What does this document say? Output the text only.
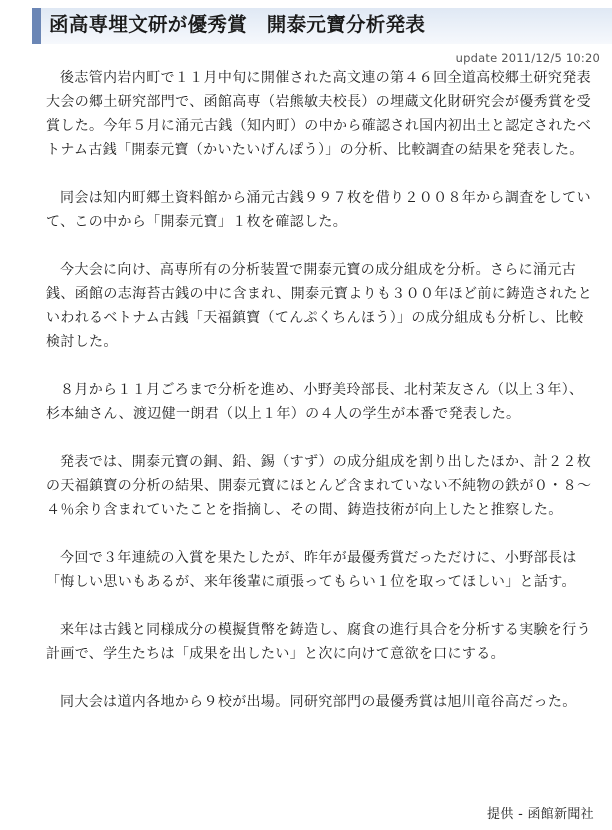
函高専埋文研が優秀賞　開泰元寶分析発表
update 2011/12/5 10:20

後志管内岩内町で１１月中旬に開催された高文連の第４６回全道高校郷土研究発表大会の郷土研究部門で、函館高専（岩熊敏夫校長）の埋蔵文化財研究会が優秀賞を受賞した。今年５月に涌元古銭（知内町）の中から確認され国内初出土と認定されたベトナム古銭「開泰元寶（かいたいげんぽう）」の分析、比較調査の結果を発表した。

同会は知内町郷土資料館から涌元古銭９９７枚を借り２００８年から調査をしていて、この中から「開泰元寶」１枚を確認した。

今大会に向け、高専所有の分析装置で開泰元寶の成分組成を分析。さらに涌元古銭、函館の志海苔古銭の中に含まれ、開泰元寶よりも３００年ほど前に鋳造されたといわれるベトナム古銭「天福鎮寶（てんぷくちんほう）」の成分組成も分析し、比較検討した。

８月から１１月ごろまで分析を進め、小野美玲部長、北村茉友さん（以上３年）、杉本紬さん、渡辺健一朗君（以上１年）の４人の学生が本番で発表した。

発表では、開泰元寶の銅、鉛、錫（すず）の成分組成を割り出したほか、計２２枚の天福鎮寶の分析の結果、開泰元寶にほとんど含まれていない不純物の鉄が０・８〜４％余り含まれていたことを指摘し、その間、鋳造技術が向上したと推察した。

今回で３年連続の入賞を果たしたが、昨年が最優秀賞だっただけに、小野部長は「悔しい思いもあるが、来年後輩に頑張ってもらい１位を取ってほしい」と話す。

来年は古銭と同様成分の模擬貨幣を鋳造し、腐食の進行具合を分析する実験を行う計画で、学生たちは「成果を出したい」と次に向けて意欲を口にする。

同大会は道内各地から９校が出場。同研究部門の最優秀賞は旭川竜谷高だった。

提供 - 函館新聞社
